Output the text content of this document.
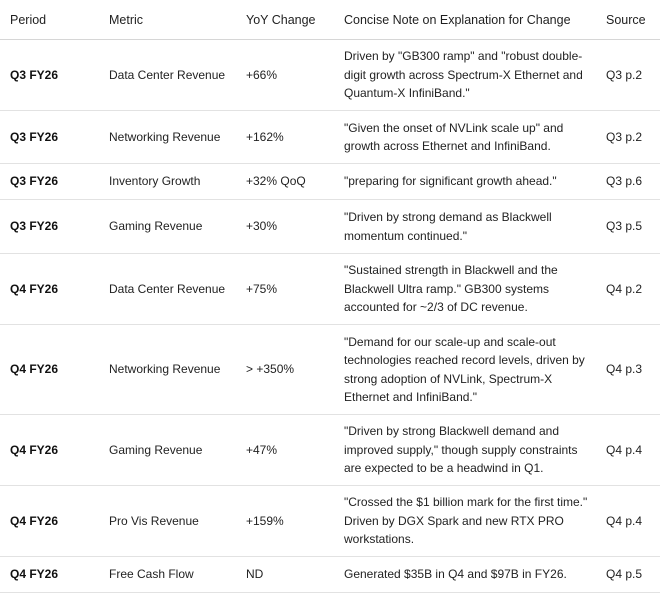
Period	Metric	YoY Change	Concise Note on Explanation for Change	Source
Q3 FY26	Data Center Revenue	+66%	Driven by "GB300 ramp" and "robust double-digit growth across Spectrum-X Ethernet and Quantum-X InfiniBand."	Q3 p.2
Q3 FY26	Networking Revenue	+162%	"Given the onset of NVLink scale up" and growth across Ethernet and InfiniBand.	Q3 p.2
Q3 FY26	Inventory Growth	+32% QoQ	"preparing for significant growth ahead."	Q3 p.6
Q3 FY26	Gaming Revenue	+30%	"Driven by strong demand as Blackwell momentum continued."	Q3 p.5
Q4 FY26	Data Center Revenue	+75%	"Sustained strength in Blackwell and the Blackwell Ultra ramp." GB300 systems accounted for ~2/3 of DC revenue.	Q4 p.2
Q4 FY26	Networking Revenue	> +350%	"Demand for our scale-up and scale-out technologies reached record levels, driven by strong adoption of NVLink, Spectrum-X Ethernet and InfiniBand."	Q4 p.3
Q4 FY26	Gaming Revenue	+47%	"Driven by strong Blackwell demand and improved supply," though supply constraints are expected to be a headwind in Q1.	Q4 p.4
Q4 FY26	Pro Vis Revenue	+159%	"Crossed the $1 billion mark for the first time." Driven by DGX Spark and new RTX PRO workstations.	Q4 p.4
Q4 FY26	Free Cash Flow	ND	Generated $35B in Q4 and $97B in FY26.	Q4 p.5
